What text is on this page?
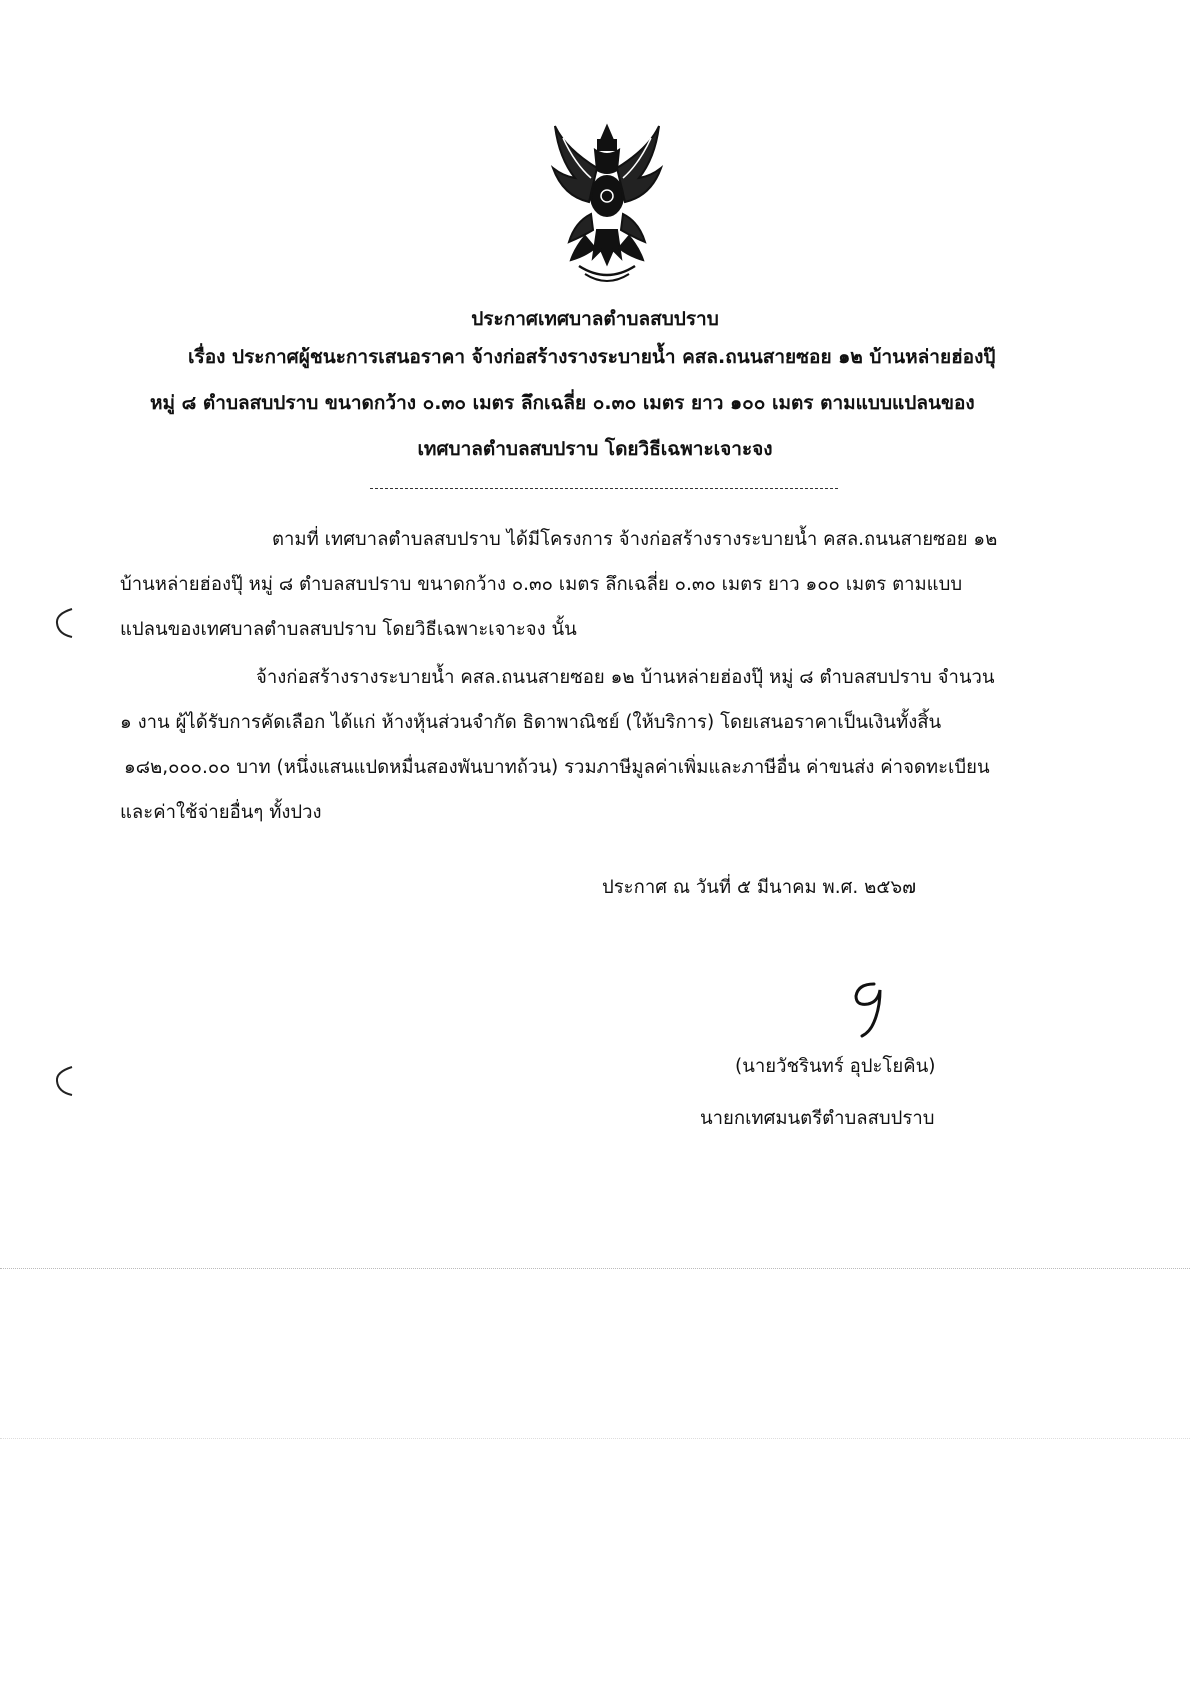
ประกาศเทศบาลตำบลสบปราบ
เรื่อง ประกาศผู้ชนะการเสนอราคา จ้างก่อสร้างรางระบายน้ำ คสล.ถนนสายซอย ๑๒ บ้านหล่ายฮ่องปุ๊
หมู่ ๘ ตำบลสบปราบ ขนาดกว้าง ๐.๓๐ เมตร ลึกเฉลี่ย ๐.๓๐ เมตร ยาว ๑๐๐ เมตร ตามแบบแปลนของ
เทศบาลตำบลสบปราบ โดยวิธีเฉพาะเจาะจง
ตามที่ เทศบาลตำบลสบปราบ ได้มีโครงการ จ้างก่อสร้างรางระบายน้ำ คสล.ถนนสายซอย ๑๒
บ้านหล่ายฮ่องปุ๊ หมู่ ๘ ตำบลสบปราบ ขนาดกว้าง ๐.๓๐ เมตร ลึกเฉลี่ย ๐.๓๐ เมตร ยาว ๑๐๐ เมตร ตามแบบ
แปลนของเทศบาลตำบลสบปราบ โดยวิธีเฉพาะเจาะจง นั้น
จ้างก่อสร้างรางระบายน้ำ คสล.ถนนสายซอย ๑๒ บ้านหล่ายฮ่องปุ๊ หมู่ ๘ ตำบลสบปราบ จำนวน
๑ งาน ผู้ได้รับการคัดเลือก ได้แก่ ห้างหุ้นส่วนจำกัด ธิดาพาณิชย์ (ให้บริการ) โดยเสนอราคาเป็นเงินทั้งสิ้น
๑๘๒,๐๐๐.๐๐ บาท (หนึ่งแสนแปดหมื่นสองพันบาทถ้วน) รวมภาษีมูลค่าเพิ่มและภาษีอื่น ค่าขนส่ง ค่าจดทะเบียน
และค่าใช้จ่ายอื่นๆ ทั้งปวง
ประกาศ ณ วันที่ ๕ มีนาคม พ.ศ. ๒๕๖๗
(นายวัชรินทร์ อุปะโยคิน)
นายกเทศมนตรีตำบลสบปราบ
